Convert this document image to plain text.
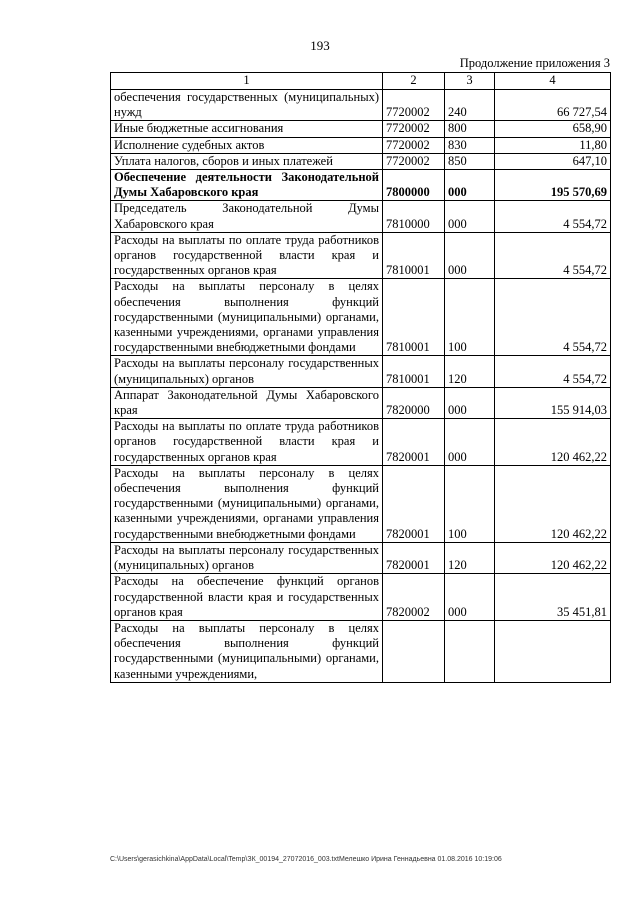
193
Продолжение приложения 3
1	2	3	4
обеспечения государственных (муниципальных) нужд	7720002	240	66 727,54
Иные бюджетные ассигнования	7720002	800	658,90
Исполнение судебных актов	7720002	830	11,80
Уплата налогов, сборов и иных платежей	7720002	850	647,10
Обеспечение деятельности Законодательной Думы Хабаровского края	7800000	000	195 570,69
Председатель Законодательной Думы Хабаровского края	7810000	000	4 554,72
Расходы на выплаты по оплате труда работников органов государственной власти края и государственных органов края	7810001	000	4 554,72
Расходы на выплаты персоналу в целях обеспечения выполнения функций государственными (муниципальными) органами, казенными учреждениями, органами управления государственными внебюджетными фондами	7810001	100	4 554,72
Расходы на выплаты персоналу государственных (муниципальных) органов	7810001	120	4 554,72
Аппарат Законодательной Думы Хабаровского края	7820000	000	155 914,03
Расходы на выплаты по оплате труда работников органов государственной власти края и государственных органов края	7820001	000	120 462,22
Расходы на выплаты персоналу в целях обеспечения выполнения функций государственными (муниципальными) органами, казенными учреждениями, органами управления государственными внебюджетными фондами	7820001	100	120 462,22
Расходы на выплаты персоналу государственных (муниципальных) органов	7820001	120	120 462,22
Расходы на обеспечение функций органов государственной власти края и государственных органов края	7820002	000	35 451,81
Расходы на выплаты персоналу в целях обеспечения выполнения функций государственными (муниципальными) органами, казенными учреждениями,			
C:\Users\gerasichkina\AppData\Local\Temp\ЗК_00194_27072016_003.txtМелешко Ирина Геннадьевна 01.08.2016 10:19:06
